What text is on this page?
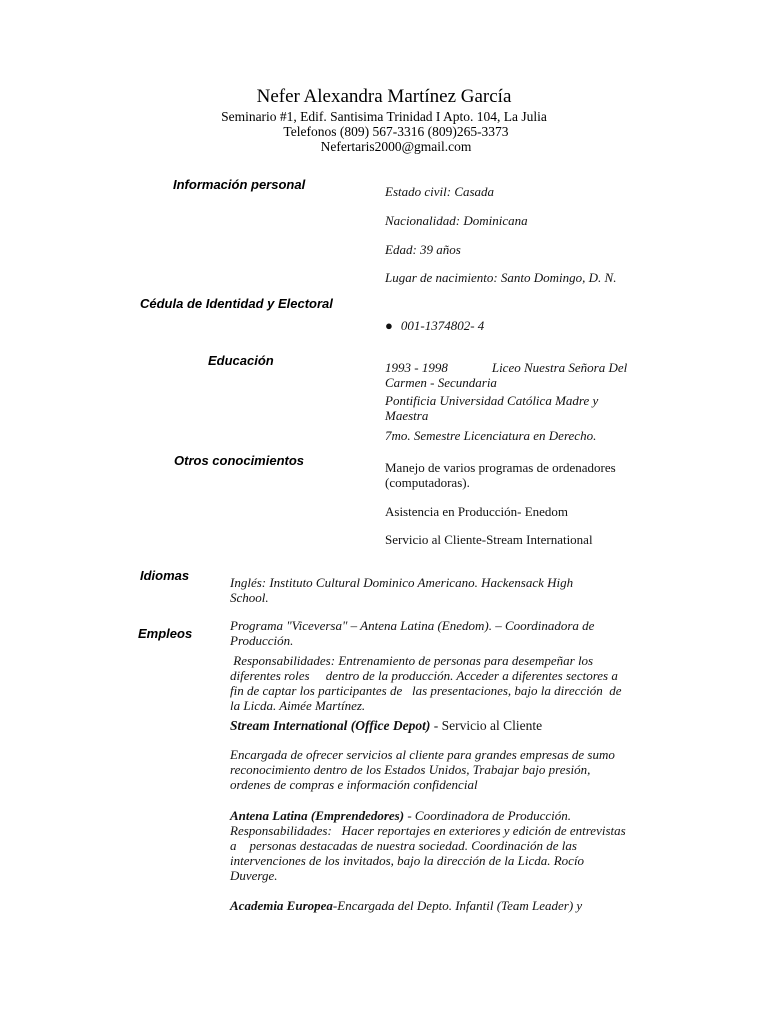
Nefer Alexandra Martínez García
Seminario #1, Edif. Santisima Trinidad I Apto. 104, La Julia
Telefonos (809) 567-3316 (809)265-3373
Nefertaris2000@gmail.com
Información personal	Estado civil: Casada
Nacionalidad: Dominicana
Edad: 39 años
Lugar de nacimiento: Santo Domingo, D. N.
Cédula de Identidad y Electoral
● 001-1374802- 4
Educación	1993 - 1998	Liceo Nuestra Señora Del
Carmen - Secundaria
Pontificia Universidad Católica Madre y
Maestra
7mo. Semestre Licenciatura en Derecho.
Otros conocimientos	Manejo de varios programas de ordenadores
(computadoras).
Asistencia en Producción- Enedom
Servicio al Cliente-Stream International
Idiomas	Inglés: Instituto Cultural Dominico Americano. Hackensack High
School.
Empleos
Programa "Viceversa" – Antena Latina (Enedom). – Coordinadora de
Producción.
Responsabilidades: Entrenamiento de personas para desempeñar los
diferentes roles     dentro de la producción. Acceder a diferentes sectores a
fin de captar los participantes de   las presentaciones, bajo la dirección  de
la Licda. Aimée Martínez.
Stream International (Office Depot) - Servicio al Cliente
Encargada de ofrecer servicios al cliente para grandes empresas de sumo
reconocimiento dentro de los Estados Unidos, Trabajar bajo presión,
ordenes de compras e información confidencial
Antena Latina (Emprendedores) - Coordinadora de Producción.
Responsabilidades:   Hacer reportajes en exteriores y edición de entrevistas
a    personas destacadas de nuestra sociedad. Coordinación de las
intervenciones de los invitados, bajo la dirección de la Licda. Rocío
Duverge.
Academia Europea-Encargada del Depto. Infantil (Team Leader) y
